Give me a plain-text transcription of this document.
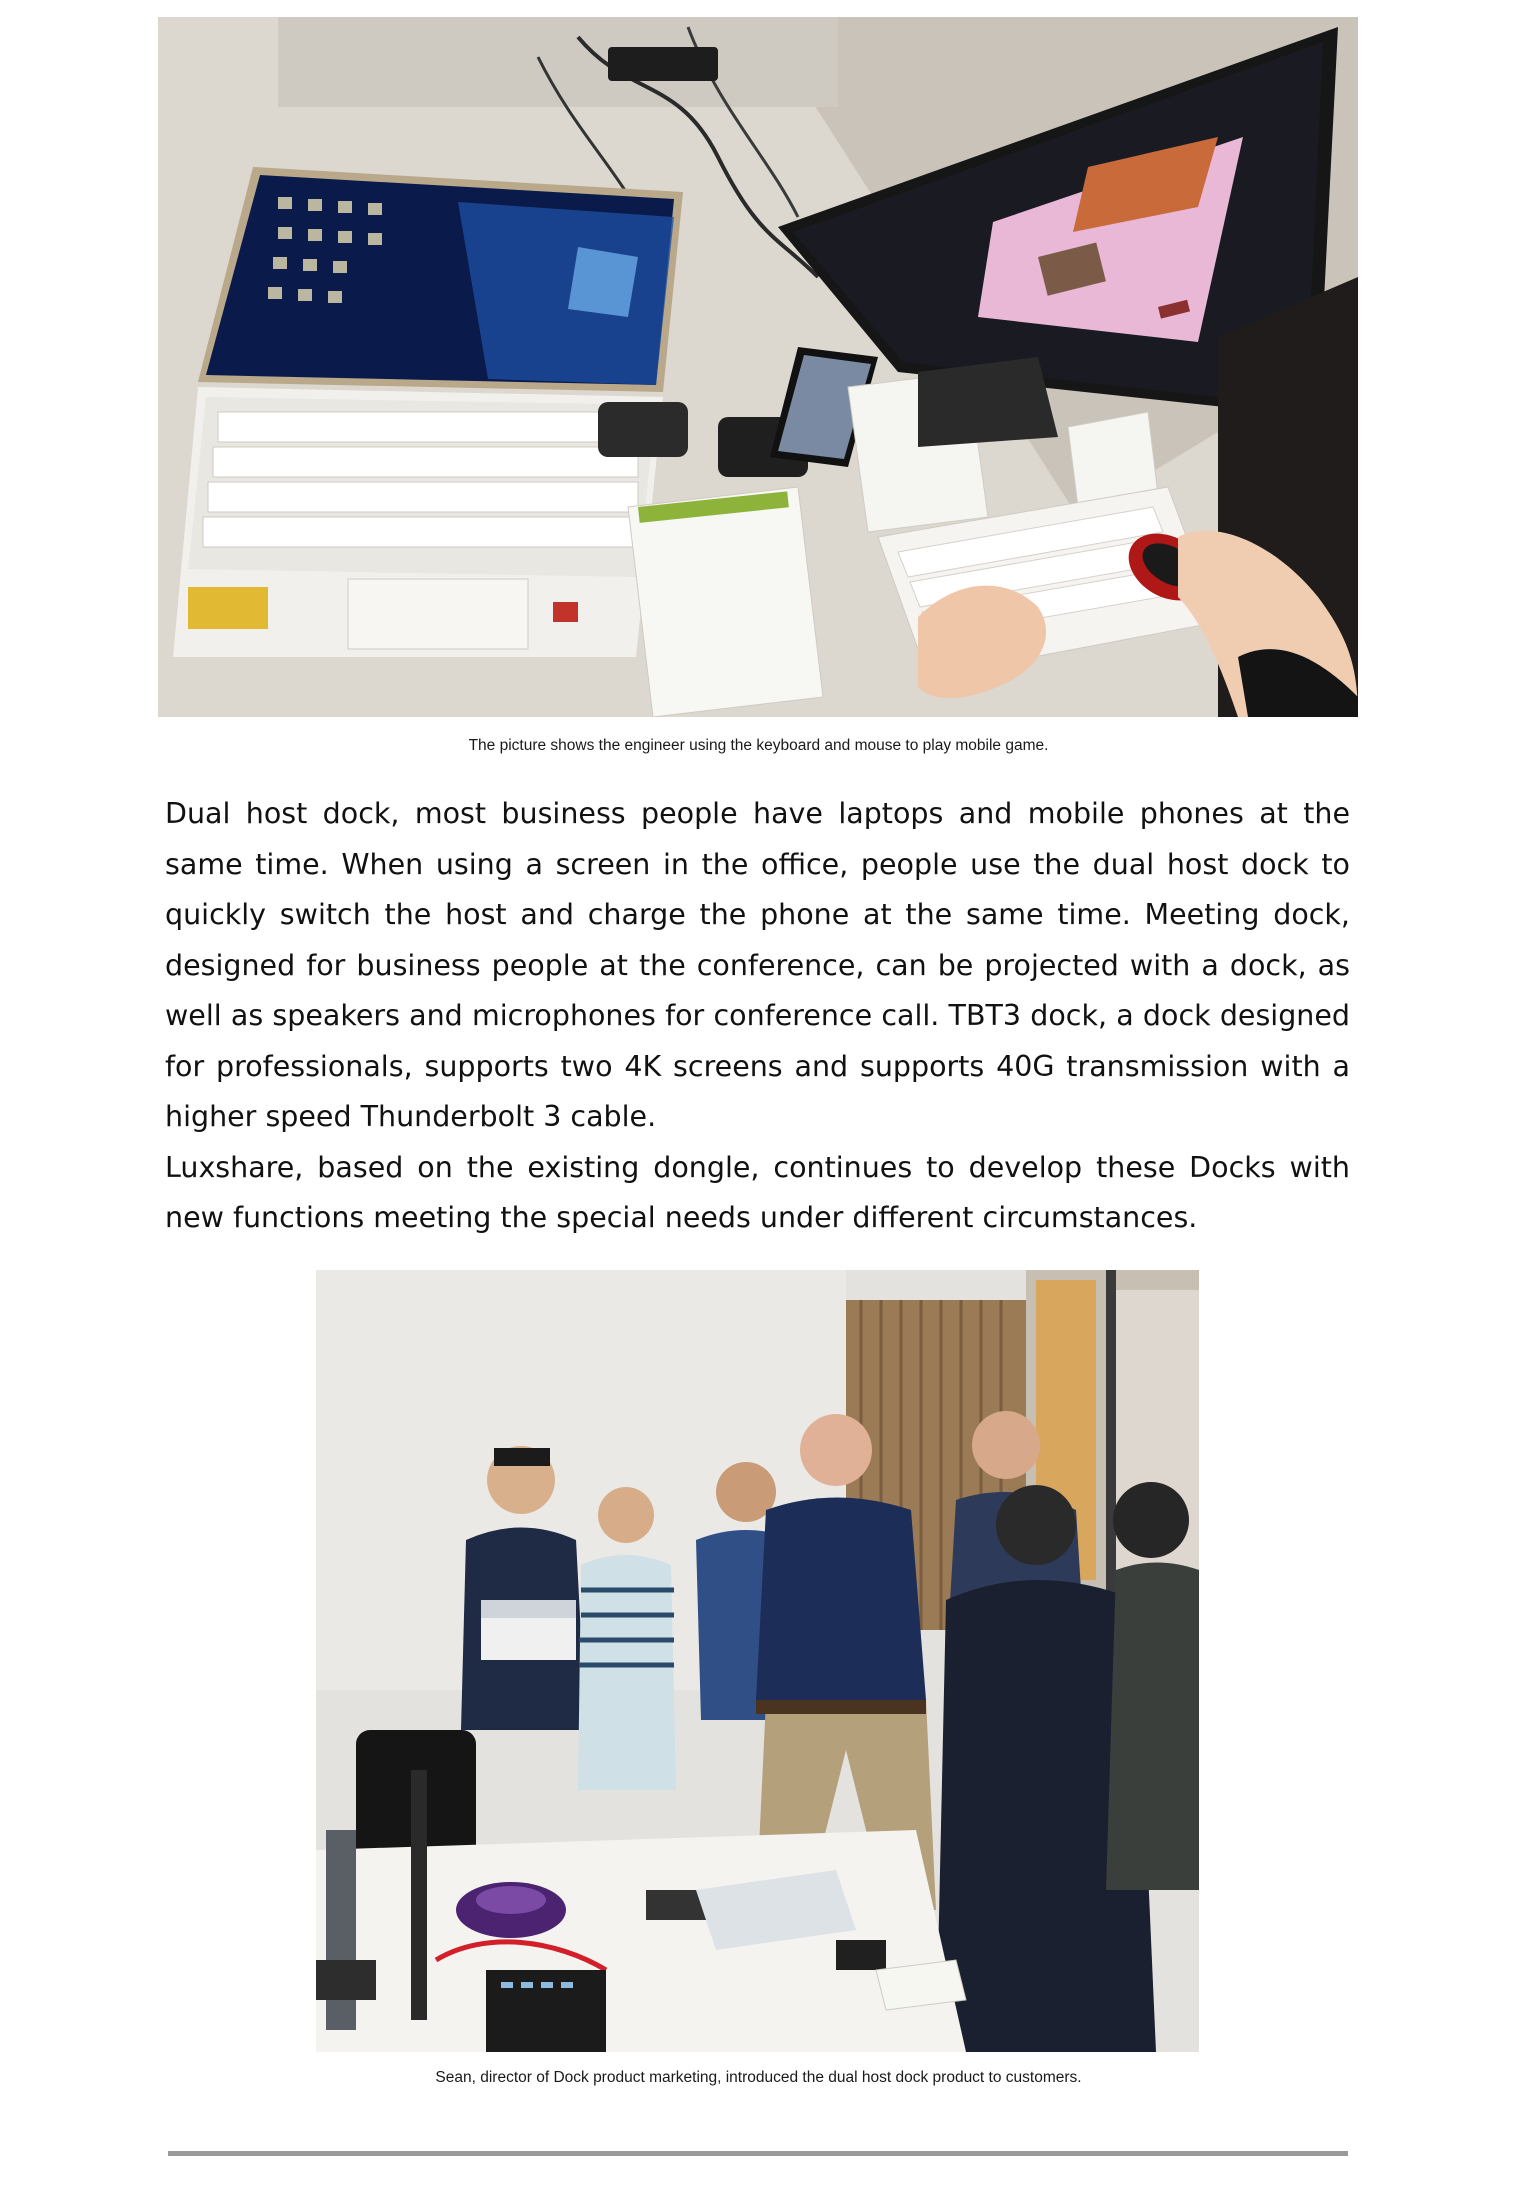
The picture shows the engineer using the keyboard and mouse to play mobile game.

Dual host dock, most business people have laptops and mobile phones at the same time. When using a screen in the office, people use the dual host dock to quickly switch the host and charge the phone at the same time. Meeting dock, designed for business people at the conference, can be projected with a dock, as well as speakers and microphones for conference call. TBT3 dock, a dock designed for professionals, supports two 4K screens and supports 40G transmission with a higher speed Thunderbolt 3 cable.

Luxshare, based on the existing dongle, continues to develop these Docks with new functions meeting the special needs under different circumstances.

Sean, director of Dock product marketing, introduced the dual host dock product to customers.
